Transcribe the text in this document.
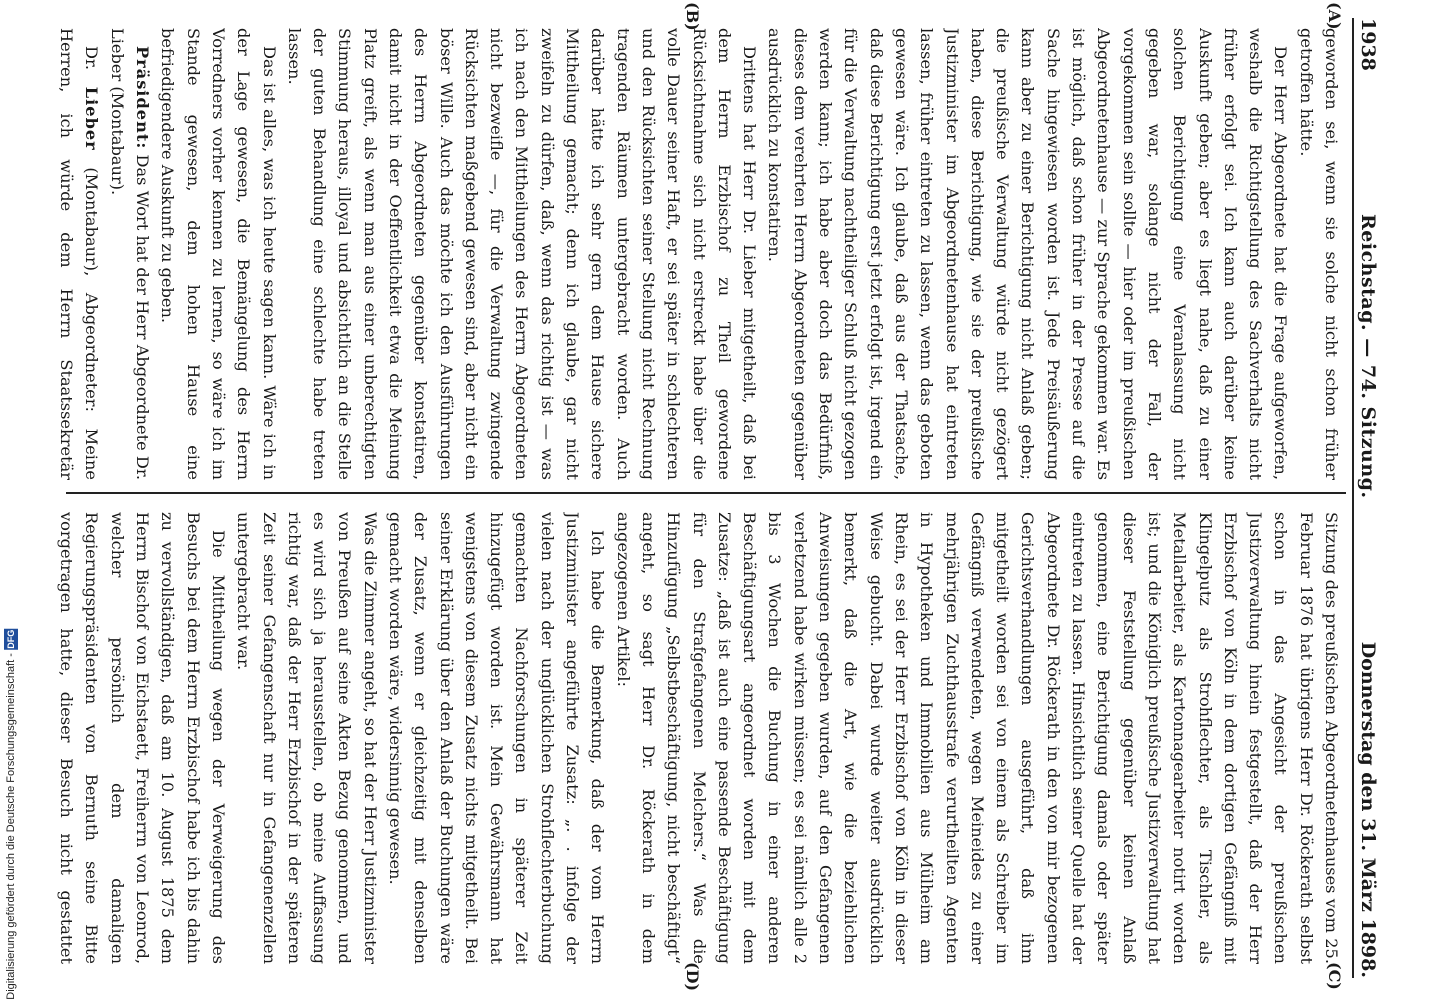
1938
Reichstag. — 74. Sitzung.
Donnerstag den 31. März 1898.
(A)
(B)
(C)
(D)

geworden sei, wenn sie solche nicht schon früher getroffen hätte.

Der Herr Abgeordnete hat die Frage aufgeworfen, weshalb die Richtigstellung des Sachverhalts nicht früher erfolgt sei. Ich kann auch darüber keine Auskunft geben; aber es liegt nahe, daß zu einer solchen Berichtigung eine Veranlassung nicht gegeben war, solange nicht der Fall, der vorgekommen sein sollte — hier oder im preußischen Abgeordnetenhause — zur Sprache gekommen war. Es ist möglich, daß schon früher in der Presse auf die Sache hingewiesen worden ist. Jede Preisäußerung kann aber zu einer Berichtigung nicht Anlaß geben; die preußische Verwaltung würde nicht gezögert haben, diese Berichtigung, wie sie der preußische Justizminister im Abgeordnetenhause hat eintreten lassen, früher eintreten zu lassen, wenn das geboten gewesen wäre. Ich glaube, daß aus der Thatsache, daß diese Berichtigung erst jetzt erfolgt ist, irgend ein für die Verwaltung nachtheiliger Schluß nicht gezogen werden kann; ich habe aber doch das Bedürfniß, dieses dem verehrten Herrn Abgeordneten gegenüber ausdrücklich zu konstatiren.

Drittens hat Herr Dr. Lieber mitgetheilt, daß bei dem Herrn Erzbischof zu Theil gewordene Rücksichtnahme sich nicht erstreckt habe über die volle Dauer seiner Haft, er sei später in schlechteren und den Rücksichten seiner Stellung nicht Rechnung tragenden Räumen untergebracht worden. Auch darüber hätte ich sehr gern dem Hause sichere Mittheilung gemacht; denn ich glaube, gar nicht zweifeln zu dürfen, daß, wenn das richtig ist — was ich nach den Mittheilungen des Herrn Abgeordneten nicht bezweifle —, für die Verwaltung zwingende Rücksichten maßgebend gewesen sind, aber nicht ein böser Wille. Auch das möchte ich den Ausführungen des Herrn Abgeordneten gegenüber konstatiren, damit nicht in der Oeffentlichkeit etwa die Meinung Platz greift, als wenn man aus einer unberechtigten Stimmung heraus, illoyal und absichtlich an die Stelle der guten Behandlung eine schlechte habe treten lassen.

Das ist alles, was ich heute sagen kann. Wäre ich in der Lage gewesen, die Bemängelung des Herrn Vorredners vorher kennen zu lernen, so wäre ich im Stande gewesen, dem hohen Hause eine befriedigendere Auskunft zu geben.

Präsident: Das Wort hat der Herr Abgeordnete Dr. Lieber (Montabaur).

Dr. Lieber (Montabaur), Abgeordneter: Meine Herren, ich würde dem Herrn Staatssekretär

Sitzung des preußischen Abgeordnetenhauses vom 25. Februar 1876 hat übrigens Herr Dr. Röckerath selbst schon in das Angesicht der preußischen Justizverwaltung hinein festgestellt, daß der Herr Erzbischof von Köln in dem dortigen Gefängniß mit Klingelputz als Strohflechter, als Tischler, als Metallarbeiter, als Kartonnagearbeiter notirt worden ist; und die Königlich preußische Justizverwaltung hat dieser Feststellung gegenüber keinen Anlaß genommen, eine Berichtigung damals oder später eintreten zu lassen. Hinsichtlich seiner Quelle hat der Abgeordnete Dr. Röckerath in den von mir bezogenen Gerichtsverhandlungen ausgeführt, daß ihm mitgetheilt worden sei von einem als Schreiber im Gefängniß verwendeten, wegen Meineides zu einer mehrjährigen Zuchthausstrafe verurtheilten Agenten in Hypotheken und Immobilien aus Mülheim am Rhein, es sei der Herr Erzbischof von Köln in dieser Weise gebucht. Dabei wurde weiter ausdrücklich bemerkt, daß die Art, wie die beziehlichen Anweisungen gegeben wurden, auf den Gefangenen verletzend habe wirken müssen; es sei nämlich alle 2 bis 3 Wochen die Buchung in einer anderen Beschäftigungsart angeordnet worden mit dem Zusatze: „daß ist auch eine passende Beschäftigung für den Strafgefangenen Melchers.“ Was die Hinzufügung „Selbstbeschäftigung, nicht beschäftigt“ angeht, so sagt Herr Dr. Röckerath in dem angezogenen Artikel:

Ich habe die Bemerkung, daß der vom Herrn Justizminister angeführte Zusatz: „. . infolge der vielen nach der unglücklichen Strohflechterbuchung gemachten Nachforschungen in späterer Zeit hinzugefügt worden ist. Mein Gewährsmann hat wenigstens von diesem Zusatz nichts mitgetheilt. Bei seiner Erklärung über den Anlaß der Buchungen wäre der Zusatz, wenn er gleichzeitig mit denselben gemacht worden wäre, widersinnig gewesen.

Was die Zimmer angeht, so hat der Herr Justizminister von Preußen auf seine Akten Bezug genommen, und es wird sich ja herausstellen, ob meine Auffassung richtig war, daß der Herr Erzbischof in der späteren Zeit seiner Gefangenschaft nur in Gefangenenzellen untergebracht war.

Die Mittheilung wegen der Verweigerung des Besuchs bei dem Herrn Erzbischof habe ich bis dahin zu vervollständigen, daß am 10. August 1875 dem Herrn Bischof von Eichstaett, Freiherrn von Leonrod, welcher persönlich dem damaligen Regierungspräsidenten von Bernuth seine Bitte vorgetragen hatte, dieser Besuch nicht gestattet

Digitalisierung gefördert durch die Deutsche Forschungsgemeinschaft - DFG
